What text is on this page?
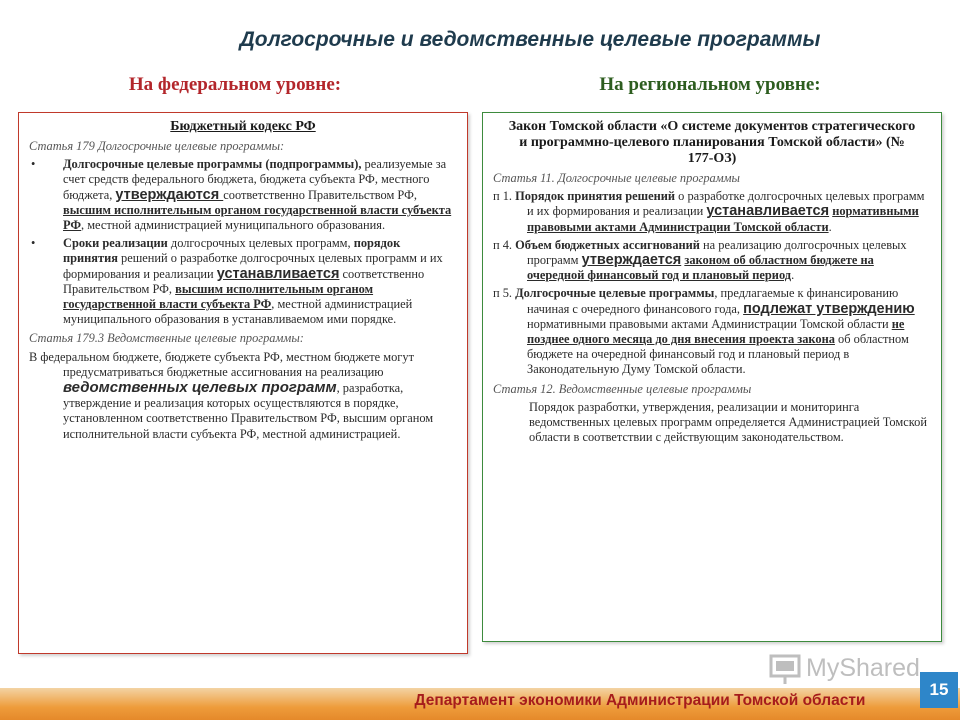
Долгосрочные и ведомственные целевые программы
На федеральном уровне:	На региональном уровне:
Бюджетный кодекс РФ
Статья 179 Долгосрочные целевые программы:
•	Долгосрочные целевые программы (подпрограммы), реализуемые за счет средств федерального бюджета, бюджета субъекта РФ, местного бюджета, утверждаются соответственно Правительством РФ, высшим исполнительным органом государственной власти субъекта РФ, местной администрацией муниципального образования.
•	Сроки реализации долгосрочных целевых программ, порядок принятия решений о разработке долгосрочных целевых программ и их формирования и реализации устанавливается соответственно Правительством РФ, высшим исполнительным органом государственной власти субъекта РФ, местной администрацией муниципального образования в устанавливаемом ими порядке.
Статья 179.3 Ведомственные целевые программы:
В федеральном бюджете, бюджете субъекта РФ, местном бюджете могут предусматриваться бюджетные ассигнования на реализацию ведомственных целевых программ, разработка, утверждение и реализация которых осуществляются в порядке, установленном соответственно Правительством РФ, высшим органом исполнительной власти субъекта РФ, местной администрацией.
Закон Томской области «О системе документов стратегического и программно-целевого планирования Томской области» (№ 177-ОЗ)
Статья 11. Долгосрочные целевые программы
п 1. Порядок принятия решений о разработке долгосрочных целевых программ и их формирования и реализации устанавливается нормативными правовыми актами Администрации Томской области.
п 4. Объем бюджетных ассигнований на реализацию долгосрочных целевых программ утверждается законом об областном бюджете на очередной финансовый год и плановый период.
п 5. Долгосрочные целевые программы, предлагаемые к финансированию начиная с очередного финансового года, подлежат утверждению нормативными правовыми актами Администрации Томской области не позднее одного месяца до дня внесения проекта закона об областном бюджете на очередной финансовый год и плановый период в Законодательную Думу Томской области.
Статья 12. Ведомственные целевые программы
Порядок разработки, утверждения, реализации и мониторинга ведомственных целевых программ определяется Администрацией Томской области в соответствии с действующим законодательством.
MyShared
Департамент экономики Администрации Томской области
15
